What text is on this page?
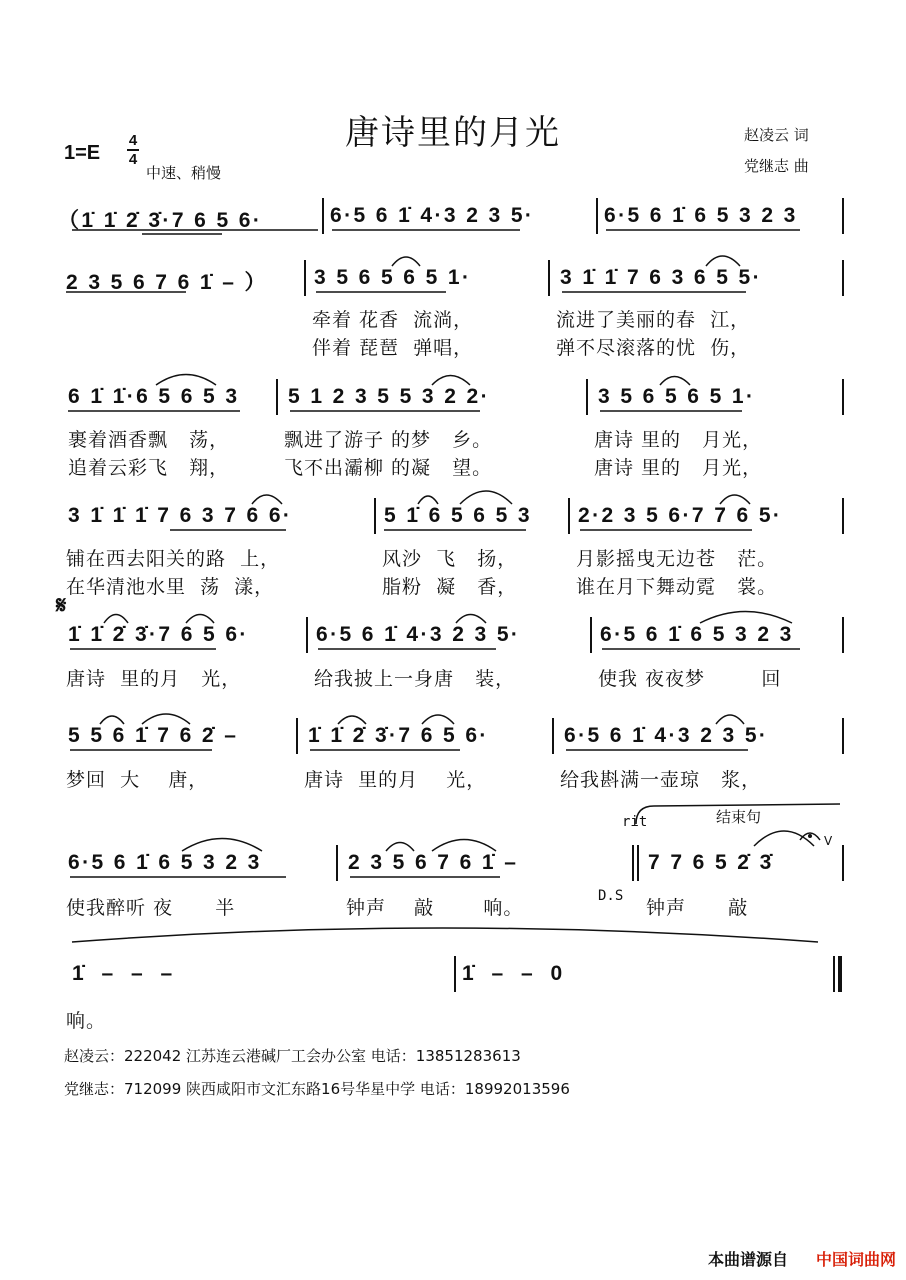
唐诗里的月光	赵凌云 词
党继志 曲
1=E
4
4
中速、稍慢
（1̇ 1̇ 2̇ 3̇·7 6 5 6·	6·5 6 1̇ 4·3 2 3 5·	6·5 6 1̇ 6 5 3 2 3
2 3 5 6 7 6 1̇ – ） 3 5 6 5 6 5 1·	3 1̇ 1̇ 7 6 3 6 5 5·
牵着 花香  流淌，	流进了美丽的春  江，
伴着 琵琶  弹唱，	弹不尽滚落的忧  伤，
6 1̇ 1̇·6 5 6 5 3 5 1 2 3 5 5 3 2 2·	3 5 6 5 6 5 1·
裹着酒香飘   荡，	飘进了游子 的梦   乡。	唐诗 里的   月光，
追着云彩飞   翔，	飞不出灞柳 的凝   望。	唐诗 里的   月光，
3 1̇ 1̇ 1̇ 7 6 3 7 6 6·	5 1̇ 6 5 6 5 3 2·2 3 5 6·7 7 6 5·
铺在西去阳关的路  上，	风沙  飞   扬，	月影摇曳无边苍   茫。
在华清池水里  荡  漾，	脂粉  凝   香，	谁在月下舞动霓   裳。
𝄋
1̇ 1̇ 2̇ 3̇·7 6 5 6·	6·5 6 1̇ 4·3 2 3 5·	6·5 6 1̇ 6 5 3 2 3
唐诗  里的月   光，	给我披上一身唐   装，	使我 夜夜梦        回
5 5 6 1̇ 7 6 2̇ –	1̇ 1̇ 2̇ 3̇·7 6 5 6·	6·5 6 1̇ 4·3 2 3 5·
梦回  大    唐，	唐诗  里的月    光，	给我斟满一壶琼   浆，
rit	结束句
V
6·5 6 1̇ 6 5 3 2 3	2 3 5 6 7 6 1̇ –	7 7 6 5 2̇ 3̇
使我醉听 夜      半	钟声    敲       响。
D.S
钟声      敲
1̇ – – –	1̇ – – 0
响。
赵凌云：222042 江苏连云港碱厂工会办公室 电话：13851283613
党继志：712099 陕西咸阳市文汇东路16号华星中学 电话：18992013596
本曲谱源自 中国词曲网
